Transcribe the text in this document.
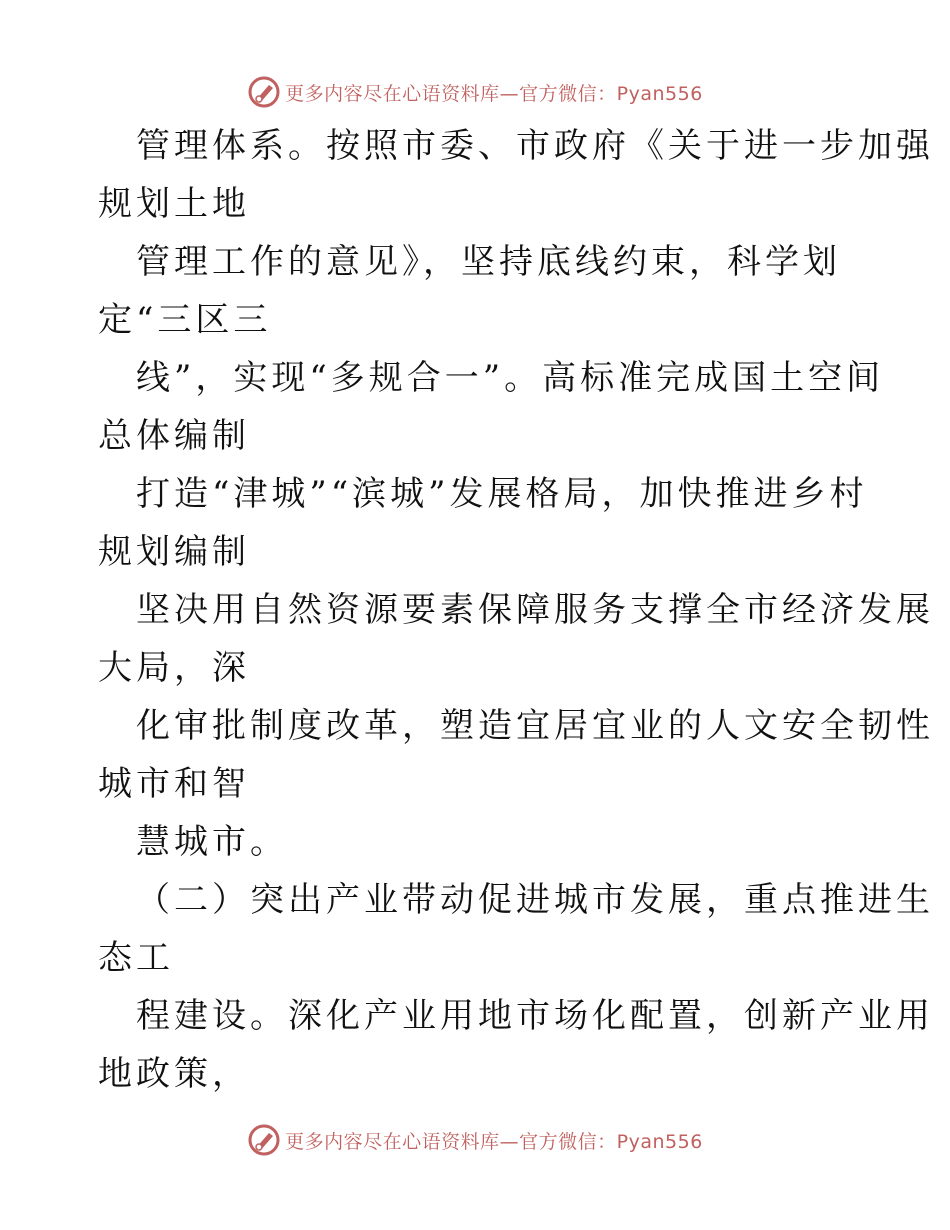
更多内容尽在心语资料库—官方微信：Pyan556
管理体系。按照市委、市政府《关于进一步加强
规划土地
管理工作的意见》，坚持底线约束，科学划
定“三区三
线”，实现“多规合一”。高标准完成国土空间
总体编制
打造“津城”“滨城”发展格局，加快推进乡村
规划编制
坚决用自然资源要素保障服务支撑全市经济发展
大局，深
化审批制度改革，塑造宜居宜业的人文安全韧性
城市和智
慧城市。
（二）突出产业带动促进城市发展，重点推进生
态工
程建设。深化产业用地市场化配置，创新产业用
地政策，
更多内容尽在心语资料库—官方微信：Pyan556
